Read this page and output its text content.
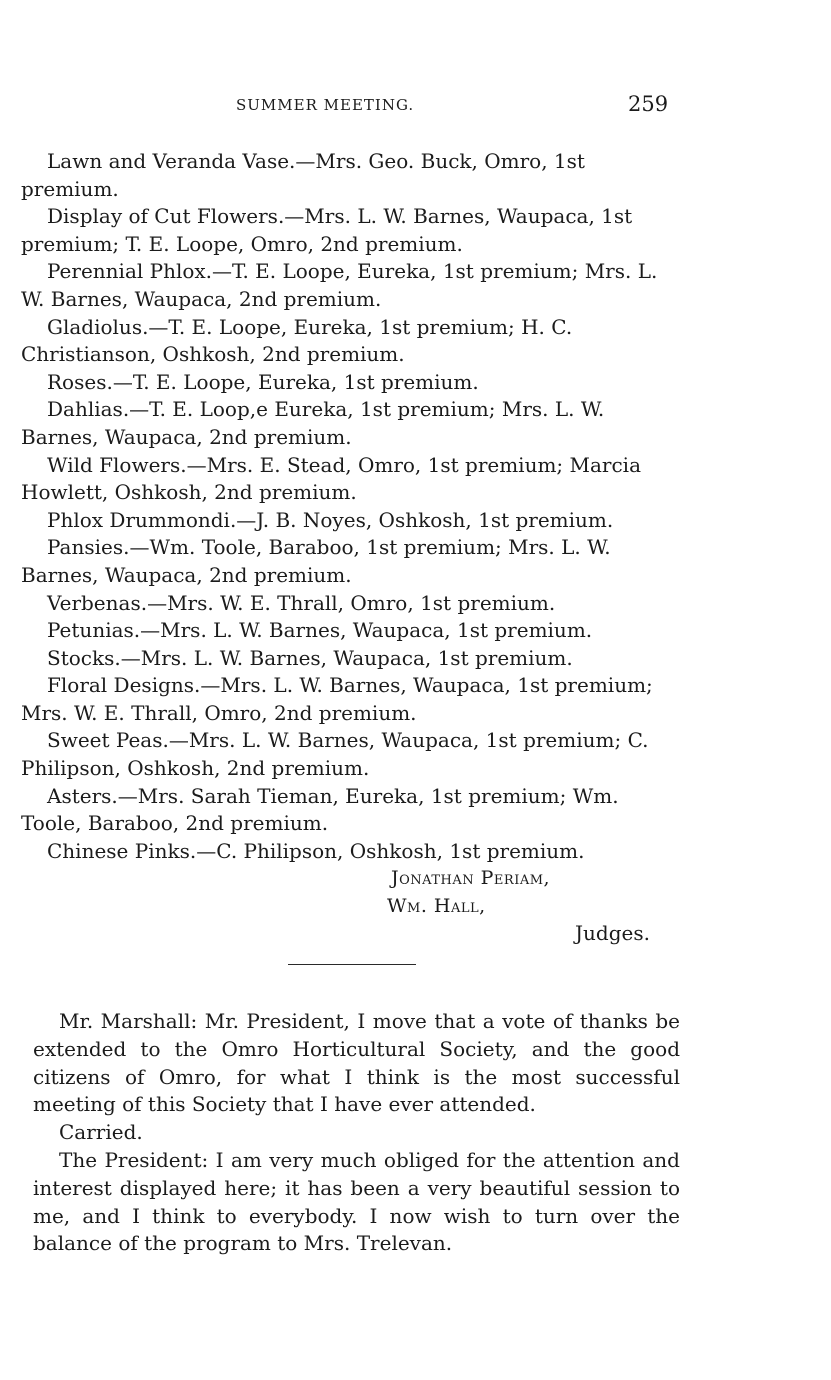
SUMMER MEETING.	259

Lawn and Veranda Vase.—Mrs. Geo. Buck, Omro, 1st premium.

Display of Cut Flowers.—Mrs. L. W. Barnes, Waupaca, 1st premium; T. E. Loope, Omro, 2nd premium.

Perennial Phlox.—T. E. Loope, Eureka, 1st premium; Mrs. L. W. Barnes, Waupaca, 2nd premium.

Gladiolus.—T. E. Loope, Eureka, 1st premium; H. C. Christianson, Oshkosh, 2nd premium.

Roses.—T. E. Loope, Eureka, 1st premium.

Dahlias.—T. E. Loop,e Eureka, 1st premium; Mrs. L. W. Barnes, Waupaca, 2nd premium.

Wild Flowers.—Mrs. E. Stead, Omro, 1st premium; Marcia Howlett, Oshkosh, 2nd premium.

Phlox Drummondi.—J. B. Noyes, Oshkosh, 1st premium.

Pansies.—Wm. Toole, Baraboo, 1st premium; Mrs. L. W. Barnes, Waupaca, 2nd premium.

Verbenas.—Mrs. W. E. Thrall, Omro, 1st premium.

Petunias.—Mrs. L. W. Barnes, Waupaca, 1st premium.

Stocks.—Mrs. L. W. Barnes, Waupaca, 1st premium.

Floral Designs.—Mrs. L. W. Barnes, Waupaca, 1st premium; Mrs. W. E. Thrall, Omro, 2nd premium.

Sweet Peas.—Mrs. L. W. Barnes, Waupaca, 1st premium; C. Philipson, Oshkosh, 2nd premium.

Asters.—Mrs. Sarah Tieman, Eureka, 1st premium; Wm. Toole, Baraboo, 2nd premium.

Chinese Pinks.—C. Philipson, Oshkosh, 1st premium.

Jonathan Periam,
Wm. Hall,
Judges.

Mr. Marshall: Mr. President, I move that a vote of thanks be extended to the Omro Horticultural Society, and the good citizens of Omro, for what I think is the most successful meeting of this Society that I have ever attended.

Carried.

The President: I am very much obliged for the attention and interest displayed here; it has been a very beautiful session to me, and I think to everybody. I now wish to turn over the balance of the program to Mrs. Trelevan.
